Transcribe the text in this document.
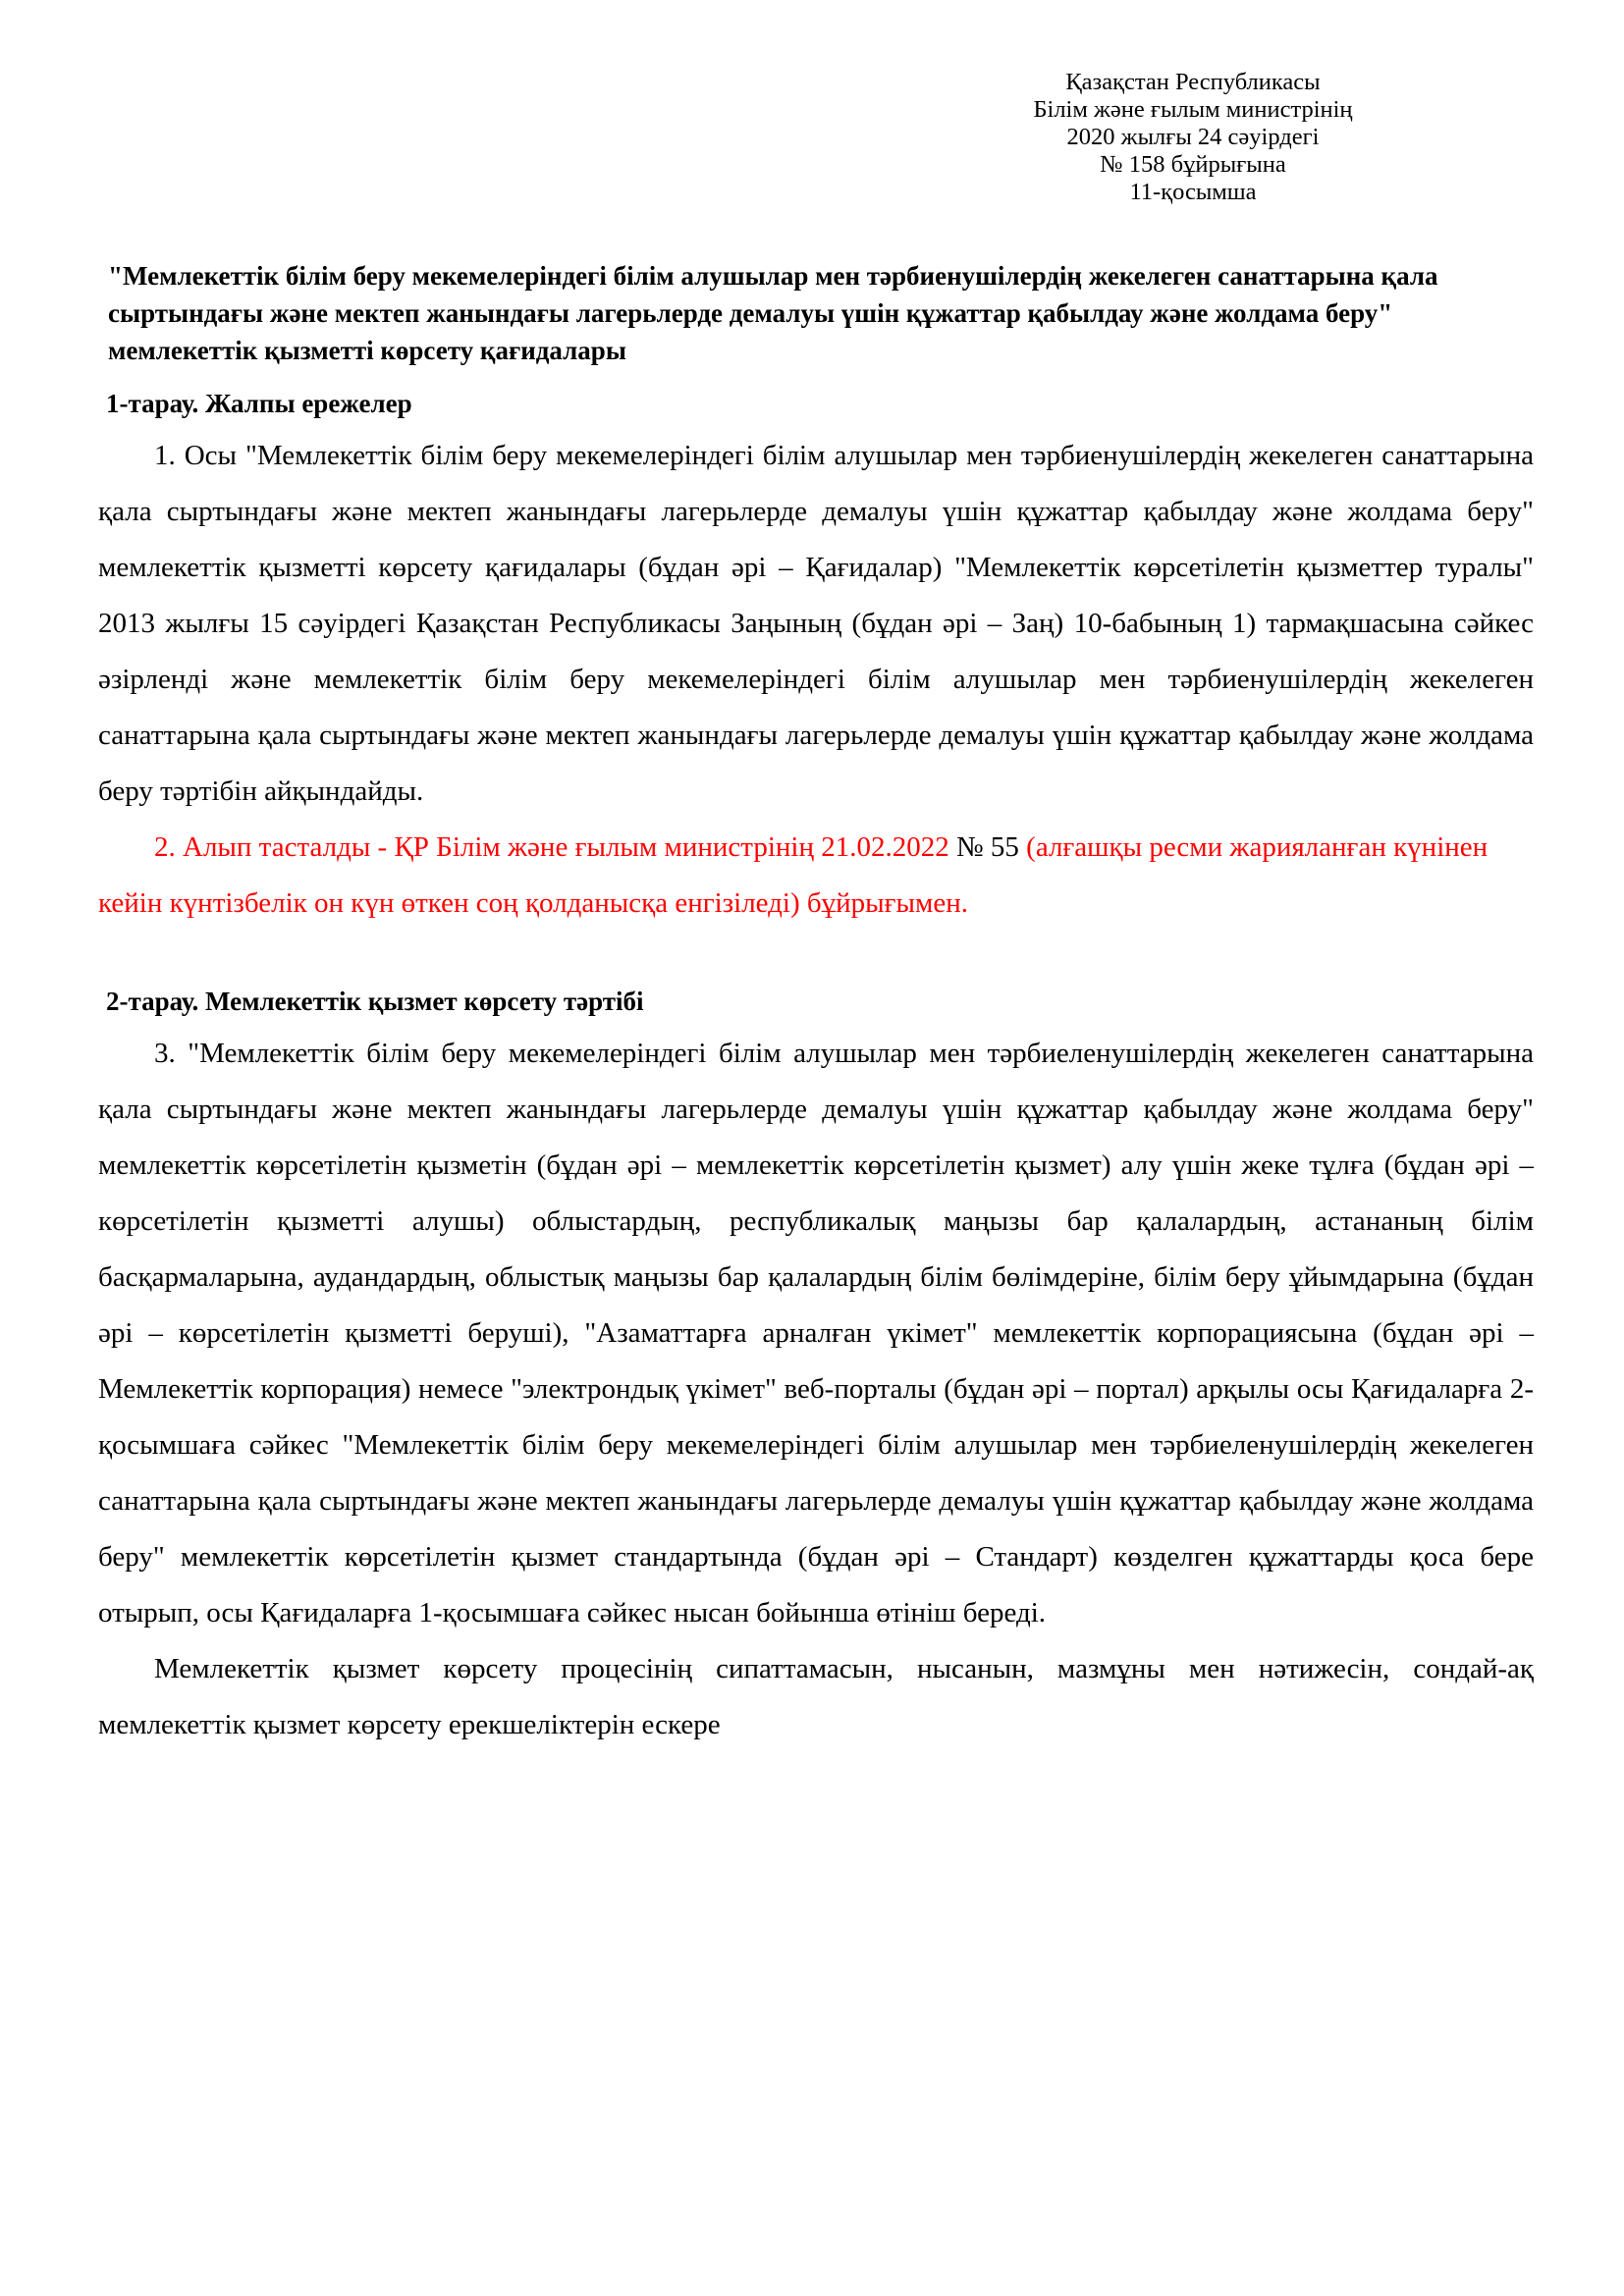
Қазақстан Республикасы
Білім және ғылым министрінің
2020 жылғы 24 сәуірдегі
№ 158 бұйрығына
11-қосымша
"Мемлекеттік білім беру мекемелеріндегі білім алушылар мен тәрбиенушілердің жекелеген санаттарына қала сыртындағы және мектеп жанындағы лагерьлерде демалуы үшін құжаттар қабылдау және жолдама беру" мемлекеттік қызметті көрсету қағидалары
1-тарау. Жалпы ережелер

1. Осы "Мемлекеттік білім беру мекемелеріндегі білім алушылар мен тәрбиенушілердің жекелеген санаттарына қала сыртындағы және мектеп жанындағы лагерьлерде демалуы үшін құжаттар қабылдау және жолдама беру" мемлекеттік қызметті көрсету қағидалары (бұдан әрі – Қағидалар) "Мемлекеттік көрсетілетін қызметтер туралы" 2013 жылғы 15 сәуірдегі Қазақстан Республикасы Заңының (бұдан әрі – Заң) 10-бабының 1) тармақшасына сәйкес әзірленді және мемлекеттік білім беру мекемелеріндегі білім алушылар мен тәрбиенушілердің жекелеген санаттарына қала сыртындағы және мектеп жанындағы лагерьлерде демалуы үшін құжаттар қабылдау және жолдама беру тәртібін айқындайды.

2. Алып тасталды - ҚР Білім және ғылым министрінің 21.02.2022 № 55 (алғашқы ресми жарияланған күнінен кейін күнтізбелік он күн өткен соң қолданысқа енгізіледі) бұйрығымен.

2-тарау. Мемлекеттік қызмет көрсету тәртібі

3. "Мемлекеттік білім беру мекемелеріндегі білім алушылар мен тәрбиеленушілердің жекелеген санаттарына қала сыртындағы және мектеп жанындағы лагерьлерде демалуы үшін құжаттар қабылдау және жолдама беру" мемлекеттік көрсетілетін қызметін (бұдан әрі – мемлекеттік көрсетілетін қызмет) алу үшін жеке тұлға (бұдан әрі – көрсетілетін қызметті алушы) облыстардың, республикалық маңызы бар қалалардың, астананың білім басқармаларына, аудандардың, облыстық маңызы бар қалалардың білім бөлімдеріне, білім беру ұйымдарына (бұдан әрі – көрсетілетін қызметті беруші), "Азаматтарға арналған үкімет" мемлекеттік корпорациясына (бұдан әрі – Мемлекеттік корпорация) немесе "электрондық үкімет" веб-порталы (бұдан әрі – портал) арқылы осы Қағидаларға 2-қосымшаға сәйкес "Мемлекеттік білім беру мекемелеріндегі білім алушылар мен тәрбиеленушілердің жекелеген санаттарына қала сыртындағы және мектеп жанындағы лагерьлерде демалуы үшін құжаттар қабылдау және жолдама беру" мемлекеттік көрсетілетін қызмет стандартында (бұдан әрі – Стандарт) көзделген құжаттарды қоса бере отырып, осы Қағидаларға 1-қосымшаға сәйкес нысан бойынша өтініш береді.

Мемлекеттік қызмет көрсету процесінің сипаттамасын, нысанын, мазмұны мен нәтижесін, сондай-ақ мемлекеттік қызмет көрсету ерекшеліктерін ескере
